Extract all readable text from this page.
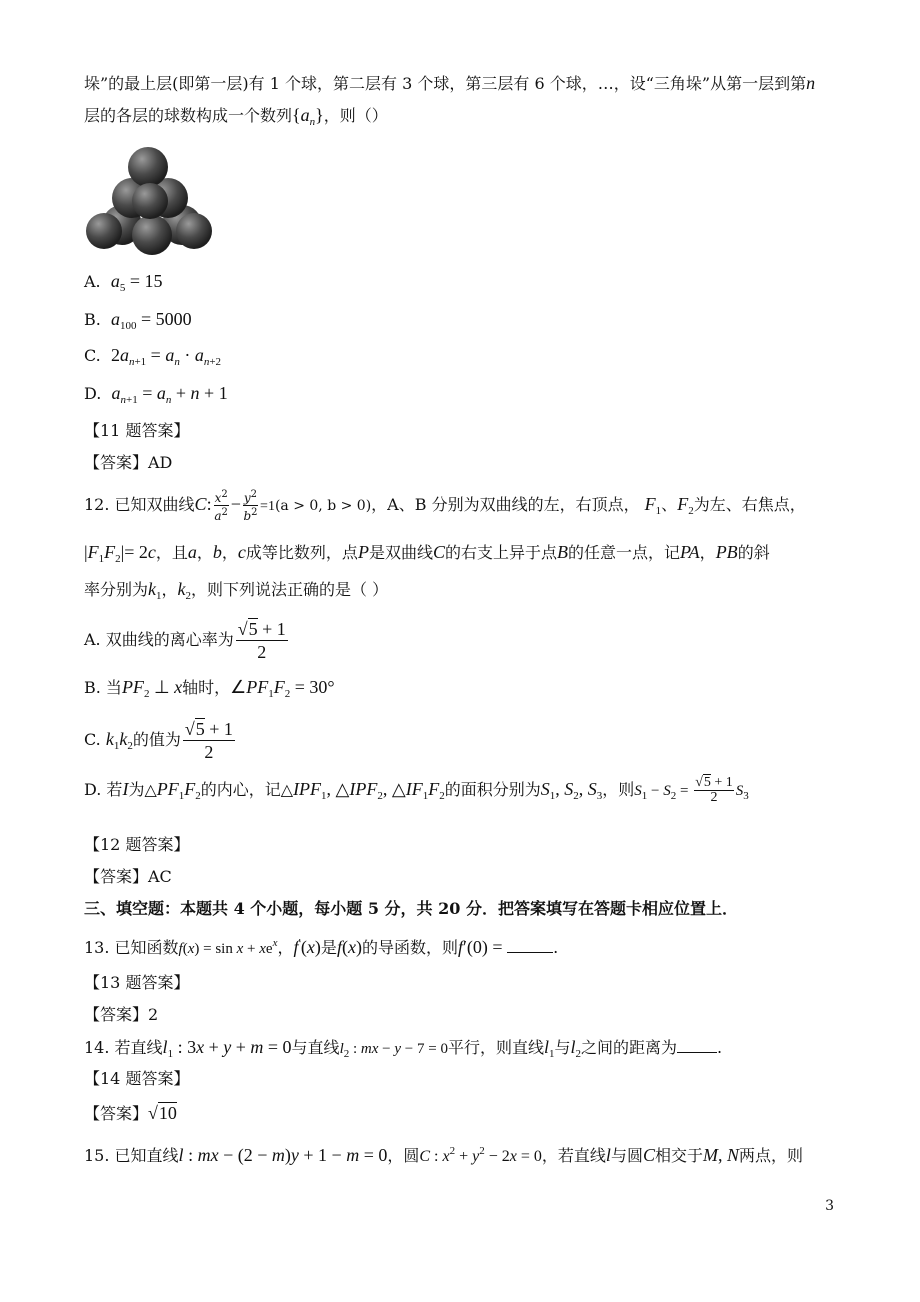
垛”的最上层(即第一层)有 1 个球，第二层有 3 个球，第三层有 6 个球，…，设“三角垛”从第一层到第n
层的各层的球数构成一个数列$\{a_n\}$，则（）
A. $a_5 = 15$
B. $a_{100} = 5000$
C. $2a_{n+1} = a_n \cdot a_{n+2}$
D. $a_{n+1} = a_n + n + 1$
【11 题答案】
【答案】AD
12. 已知双曲线C: $\frac{x^2}{a^2} - \frac{y^2}{b^2} =1(a > 0$, b > 0)，A、B 分别为双曲线的左，右顶点， $F_1$、$F_2$为左、右焦点，
$|F_1F_2|= 2c$，且a，b，c成等比数列，点P是双曲线C的右支上异于点B的任意一点，记PA，PB的斜
率分别为$k_1$，$k_2$，则下列说法正确的是（ ）
A. 双曲线的离心率为 $\frac{√5 + 1}{2}$
B. 当$PF_2$ ⊥ x轴时，$\angle PF_1F_2 = 30^\circ$
C. $k_1k_2$的值为 $\frac{√5 + 1}{2}$
D. 若I为$\triangle PF_1F_2$的内心，记$\triangle IPF_1$, $\triangle IPF_2$, $\triangle IF_1F_2$的面积分别为$S_1$, $S_2$, $S_3$，则$S_1 - S_2 = \frac{√5 + 1}{2} S_3$
【12 题答案】
【答案】AC
三、填空题：本题共 4 个小题，每小题 5 分，共 20 分．把答案填写在答题卡相应位置上．
13. 已知函数$f(x) = \sin x + xe^x$，f′(x)是f(x)的导函数，则f′(0) =	.
【13 题答案】
【答案】2
14. 若直线$l_1$ : 3x + y + m = 0与直线$l_2$ : mx − y − 7 = 0平行，则直线$l_1$与$l_2$之间的距离为	.
【14 题答案】
【答案】√10
15. 已知直线l : mx − (2 − m)y + 1 − m = 0，圆C : $x^2 + y^2 - 2x = 0$，若直线l与圆C相交于M, N两点，则
3
